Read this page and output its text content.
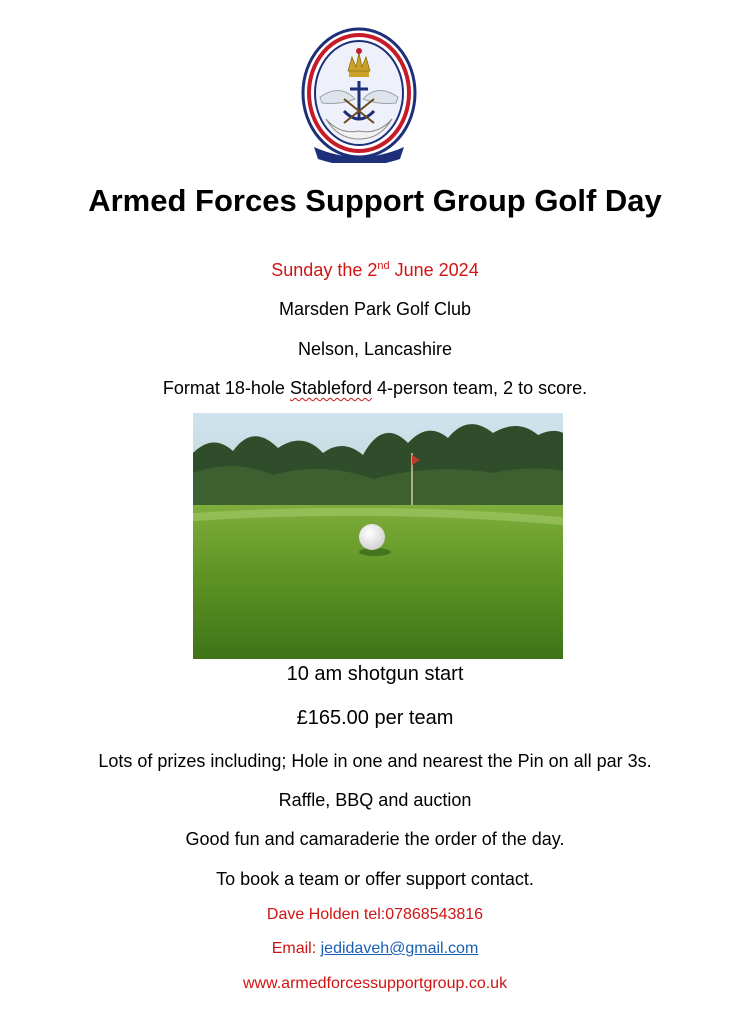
Armed Forces Support Group Golf Day
Sunday the 2nd June 2024
Marsden Park Golf Club
Nelson, Lancashire
Format 18-hole Stableford 4-person team, 2 to score.
10 am shotgun start
£165.00 per team
Lots of prizes including; Hole in one and nearest the Pin on all par 3s.
Raffle, BBQ and auction
Good fun and camaraderie the order of the day.
To book a team or offer support contact.
Dave Holden tel:07868543816
Email: jedidaveh@gmail.com
www.armedforcessupportgroup.co.uk
